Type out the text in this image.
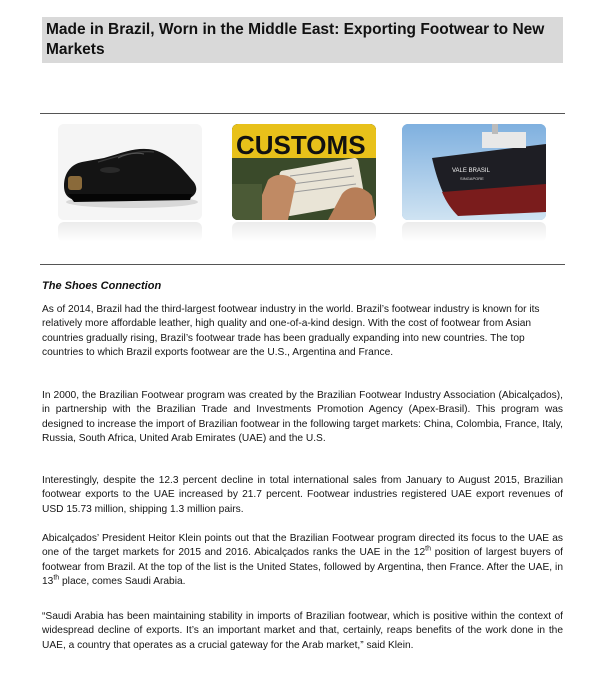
Made in Brazil, Worn in the Middle East: Exporting Footwear to New Markets
CUSTOMS
VALE BRASIL
SINGAPORE
The Shoes Connection
As of 2014, Brazil had the third-largest footwear industry in the world. Brazil’s footwear industry is known for its relatively more affordable leather, high quality and one-of-a-kind design. With the cost of footwear from Asian countries gradually rising, Brazil’s footwear trade has been gradually expanding into new countries. The top countries to which Brazil exports footwear are the U.S., Argentina and France.
In 2000, the Brazilian Footwear program was created by the Brazilian Footwear Industry Association (Abicalçados), in partnership with the Brazilian Trade and Investments Promotion Agency (Apex-Brasil). This program was designed to increase the import of Brazilian footwear in the following target markets: China, Colombia, France, Italy, Russia, South Africa, United Arab Emirates (UAE) and the U.S.
Interestingly, despite the 12.3 percent decline in total international sales from January to August 2015, Brazilian footwear exports to the UAE increased by 21.7 percent. Footwear industries registered UAE export revenues of USD 15.73 million, shipping 1.3 million pairs.
Abicalçados’ President Heitor Klein points out that the Brazilian Footwear program directed its focus to the UAE as one of the target markets for 2015 and 2016. Abicalçados ranks the UAE in the 12th position of largest buyers of footwear from Brazil. At the top of the list is the United States, followed by Argentina, then France. After the UAE, in 13th place, comes Saudi Arabia.
“Saudi Arabia has been maintaining stability in imports of Brazilian footwear, which is positive within the context of widespread decline of exports. It’s an important market and that, certainly, reaps benefits of the work done in the UAE, a country that operates as a crucial gateway for the Arab market,” said Klein.
